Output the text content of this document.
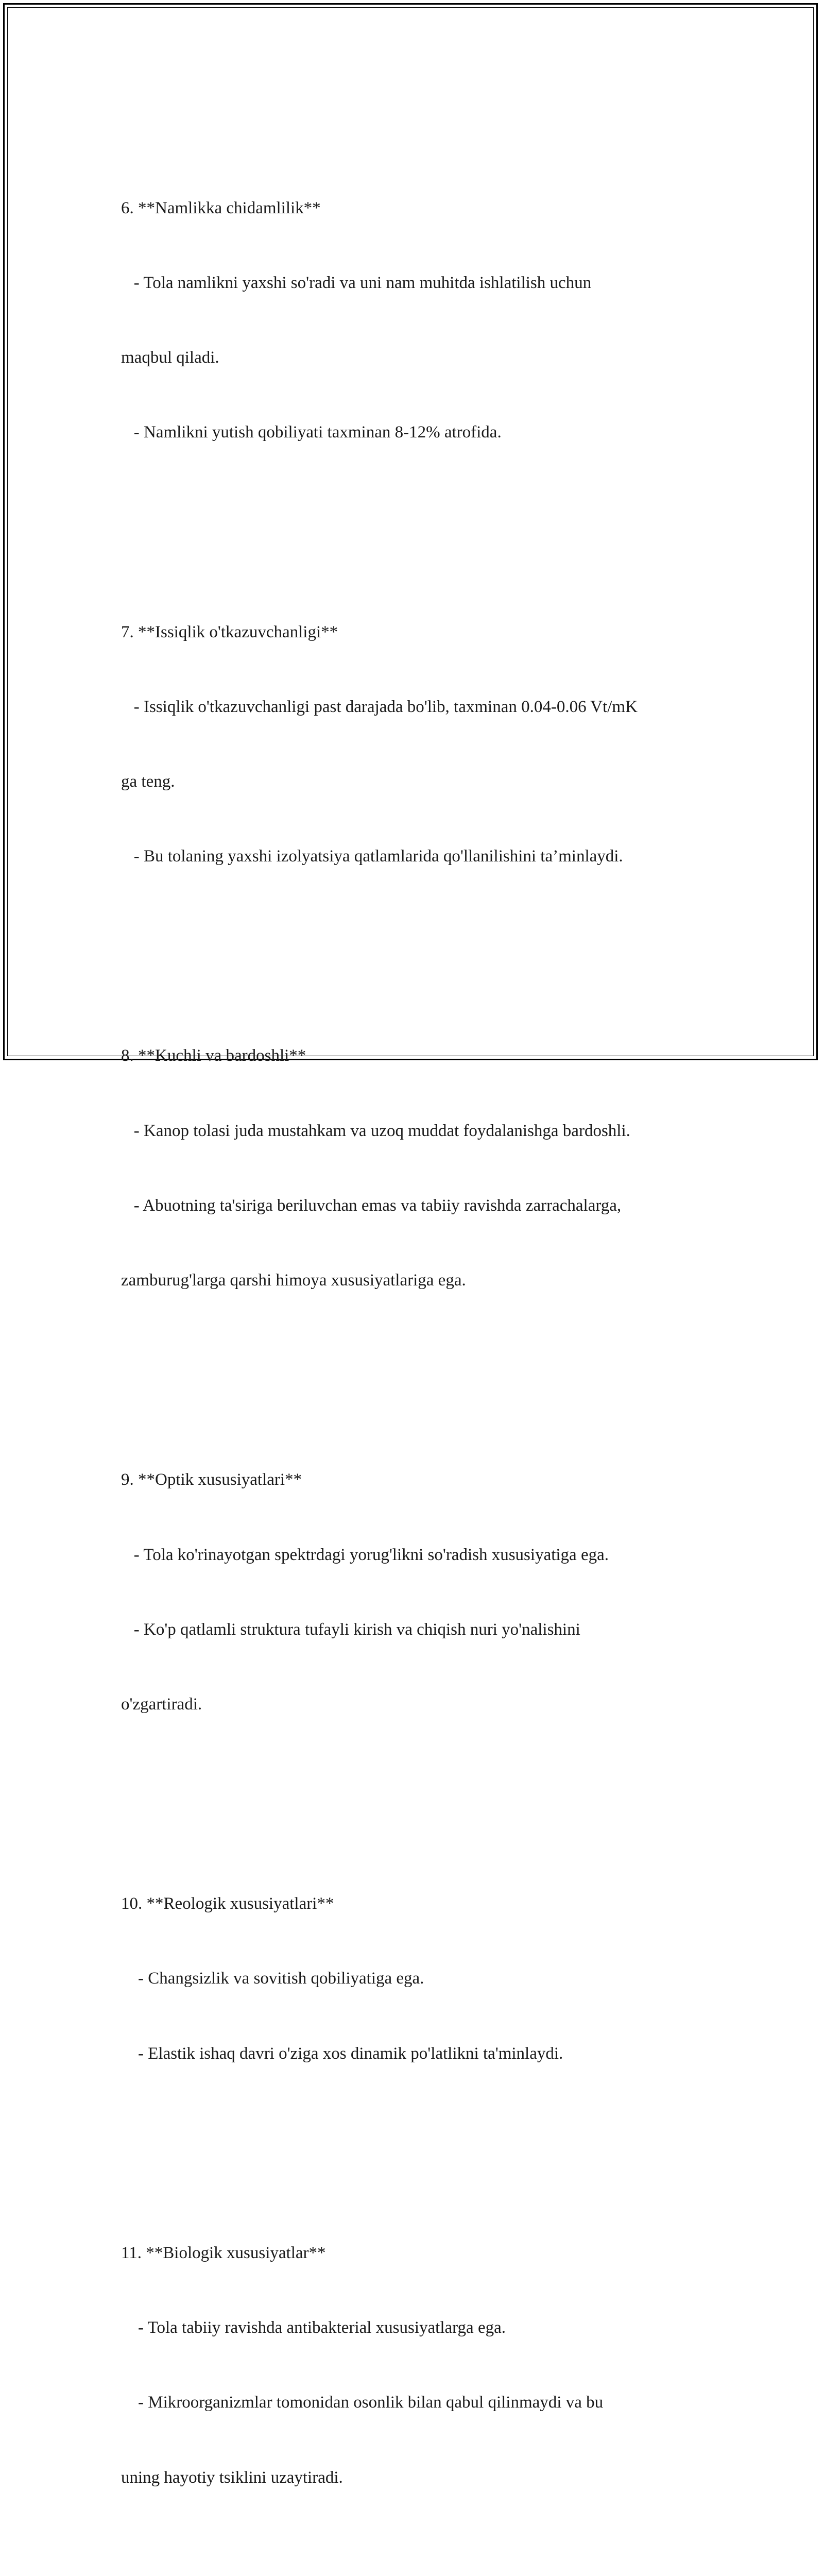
6. **Namlikka chidamlilik**

- Tola namlikni yaxshi so'radi va uni nam muhitda ishlatilish uchun

maqbul qiladi.

- Namlikni yutish qobiliyati taxminan 8-12% atrofida.

7. **Issiqlik o'tkazuvchanligi**

- Issiqlik o'tkazuvchanligi past darajada bo'lib, taxminan 0.04-0.06 Vt/mK

ga teng.

- Bu tolaning yaxshi izolyatsiya qatlamlarida qo'llanilishini ta’minlaydi.

8. **Kuchli va bardoshli**

- Kanop tolasi juda mustahkam va uzoq muddat foydalanishga bardoshli.

- Abuotning ta'siriga beriluvchan emas va tabiiy ravishda zarrachalarga,

zamburug'larga qarshi himoya xususiyatlariga ega.

9. **Optik xususiyatlari**

- Tola ko'rinayotgan spektrdagi yorug'likni so'radish xususiyatiga ega.

- Ko'p qatlamli struktura tufayli kirish va chiqish nuri yo'nalishini

o'zgartiradi.

10. **Reologik xususiyatlari**

- Changsizlik va sovitish qobiliyatiga ega.

- Elastik ishaq davri o'ziga xos dinamik po'latlikni ta'minlaydi.

11. **Biologik xususiyatlar**

- Tola tabiiy ravishda antibakterial xususiyatlarga ega.

- Mikroorganizmlar tomonidan osonlik bilan qabul qilinmaydi va bu

uning hayotiy tsiklini uzaytiradi.
